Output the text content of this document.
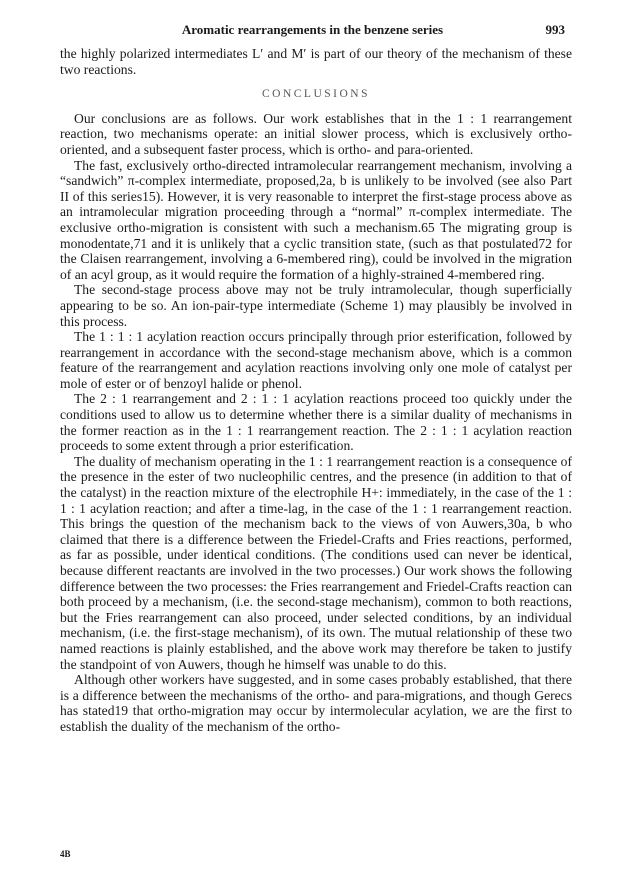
Aromatic rearrangements in the benzene series	993

the highly polarized intermediates L′ and M′ is part of our theory of the mechanism of these two reactions.

CONCLUSIONS

Our conclusions are as follows. Our work establishes that in the 1 : 1 rearrangement reaction, two mechanisms operate: an initial slower process, which is exclusively ortho-oriented, and a subsequent faster process, which is ortho- and para-oriented.

The fast, exclusively ortho-directed intramolecular rearrangement mechanism, involving a “sandwich” π-complex intermediate, proposed,2a, b is unlikely to be involved (see also Part II of this series15). However, it is very reasonable to interpret the first-stage process above as an intramolecular migration proceeding through a “normal” π-complex intermediate. The exclusive ortho-migration is consistent with such a mechanism.65 The migrating group is monodentate,71 and it is unlikely that a cyclic transition state, (such as that postulated72 for the Claisen rearrangement, involving a 6-membered ring), could be involved in the migration of an acyl group, as it would require the formation of a highly-strained 4-membered ring.

The second-stage process above may not be truly intramolecular, though superficially appearing to be so. An ion-pair-type intermediate (Scheme 1) may plausibly be involved in this process.

The 1 : 1 : 1 acylation reaction occurs principally through prior esterification, followed by rearrangement in accordance with the second-stage mechanism above, which is a common feature of the rearrangement and acylation reactions involving only one mole of catalyst per mole of ester or of benzoyl halide or phenol.

The 2 : 1 rearrangement and 2 : 1 : 1 acylation reactions proceed too quickly under the conditions used to allow us to determine whether there is a similar duality of mechanisms in the former reaction as in the 1 : 1 rearrangement reaction. The 2 : 1 : 1 acylation reaction proceeds to some extent through a prior esterification.

The duality of mechanism operating in the 1 : 1 rearrangement reaction is a consequence of the presence in the ester of two nucleophilic centres, and the presence (in addition to that of the catalyst) in the reaction mixture of the electrophile H+: immediately, in the case of the 1 : 1 : 1 acylation reaction; and after a time-lag, in the case of the 1 : 1 rearrangement reaction. This brings the question of the mechanism back to the views of von Auwers,30a, b who claimed that there is a difference between the Friedel-Crafts and Fries reactions, performed, as far as possible, under identical conditions. (The conditions used can never be identical, because different reactants are involved in the two processes.) Our work shows the following difference between the two processes: the Fries rearrangement and Friedel-Crafts reaction can both proceed by a mechanism, (i.e. the second-stage mechanism), common to both reactions, but the Fries rearrangement can also proceed, under selected conditions, by an individual mechanism, (i.e. the first-stage mechanism), of its own. The mutual relationship of these two named reactions is plainly established, and the above work may therefore be taken to justify the standpoint of von Auwers, though he himself was unable to do this.

Although other workers have suggested, and in some cases probably established, that there is a difference between the mechanisms of the ortho- and para-migrations, and though Gerecs has stated19 that ortho-migration may occur by intermolecular acylation, we are the first to establish the duality of the mechanism of the ortho-

4B
